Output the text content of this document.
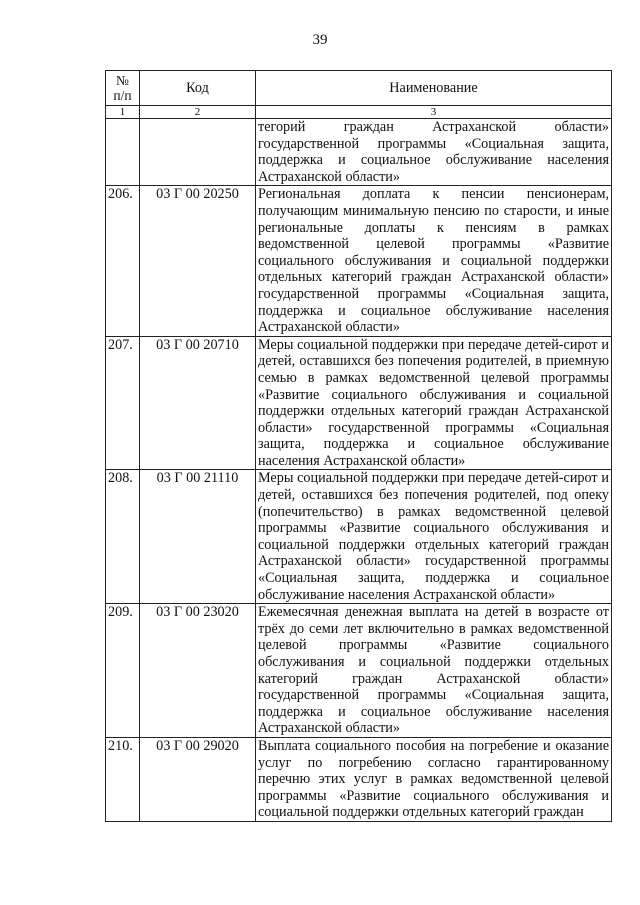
39
№
п/п	Код	Наименование
1	2	3
		тегорий граждан Астраханской области» государственной программы «Социальная защита, поддержка и социальное обслуживание населения Астраханской области»
206.	03 Г 00 20250	Региональная доплата к пенсии пенсионерам, получающим минимальную пенсию по старости, и иные региональные доплаты к пенсиям в рамках ведомственной целевой программы «Развитие социального обслуживания и социальной поддержки отдельных категорий граждан Астраханской области» государственной программы «Социальная защита, поддержка и социальное обслуживание населения Астраханской области»
207.	03 Г 00 20710	Меры социальной поддержки при передаче детей-сирот и детей, оставшихся без попечения родителей, в приемную семью в рамках ведомственной целевой программы «Развитие социального обслуживания и социальной поддержки отдельных категорий граждан Астраханской области» государственной программы «Социальная защита, поддержка и социальное обслуживание населения Астраханской области»
208.	03 Г 00 21110	Меры социальной поддержки при передаче детей-сирот и детей, оставшихся без попечения родителей, под опеку (попечительство) в рамках ведомственной целевой программы «Развитие социального обслуживания и социальной поддержки отдельных категорий граждан Астраханской области» государственной программы «Социальная защита, поддержка и социальное обслуживание населения Астраханской области»
209.	03 Г 00 23020	Ежемесячная денежная выплата на детей в возрасте от трёх до семи лет включительно в рамках ведомственной целевой программы «Развитие социального обслуживания и социальной поддержки отдельных категорий граждан Астраханской области» государственной программы «Социальная защита, поддержка и социальное обслуживание населения Астраханской области»
210.	03 Г 00 29020	Выплата социального пособия на погребение и оказание услуг по погребению согласно гарантированному перечню этих услуг в рамках ведомственной целевой программы «Развитие социального обслуживания и социальной поддержки отдельных категорий граждан
